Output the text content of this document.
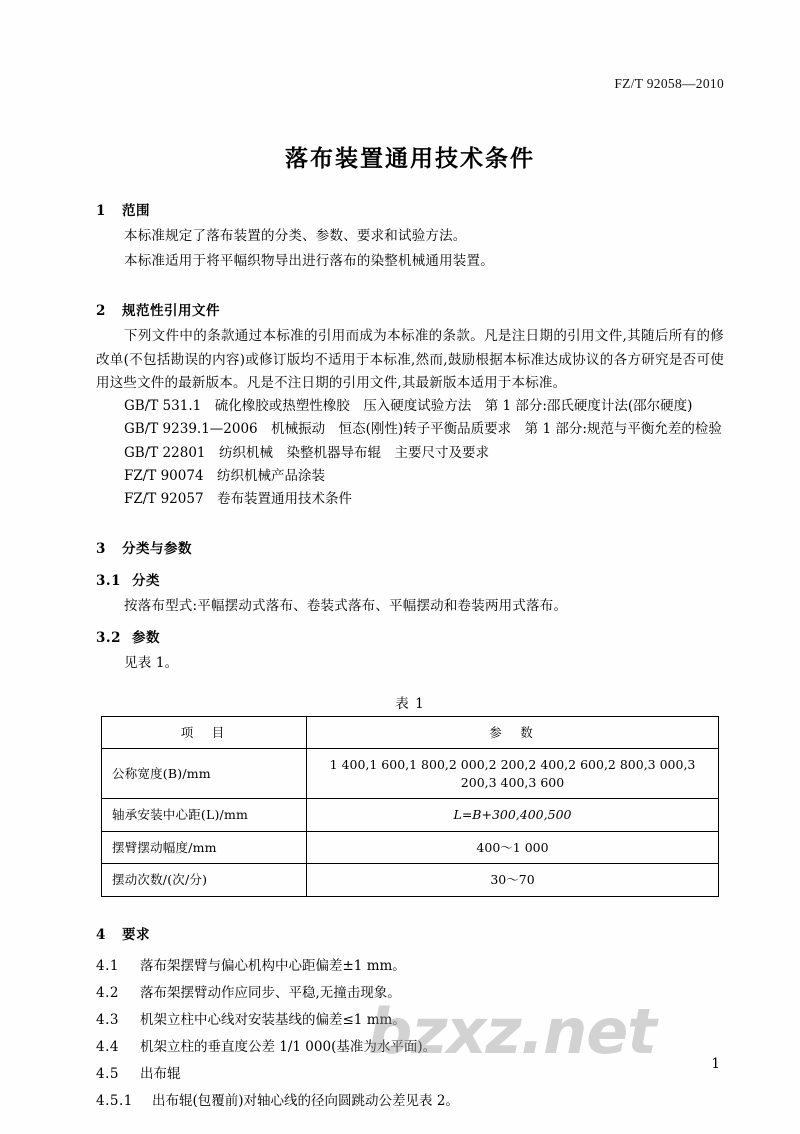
FZ/T 92058—2010
落布装置通用技术条件
1 范围
本标准规定了落布装置的分类、参数、要求和试验方法。
本标准适用于将平幅织物导出进行落布的染整机械通用装置。
2 规范性引用文件
下列文件中的条款通过本标准的引用而成为本标准的条款。凡是注日期的引用文件,其随后所有的修改单(不包括勘误的内容)或修订版均不适用于本标准,然而,鼓励根据本标准达成协议的各方研究是否可使用这些文件的最新版本。凡是不注日期的引用文件,其最新版本适用于本标准。
GB/T 531.1　硫化橡胶或热塑性橡胶　压入硬度试验方法　第 1 部分:邵氏硬度计法(邵尔硬度)
GB/T 9239.1—2006　机械振动　恒态(刚性)转子平衡品质要求　第 1 部分:规范与平衡允差的检验
GB/T 22801　纺织机械　染整机器导布辊　主要尺寸及要求
FZ/T 90074　纺织机械产品涂装
FZ/T 92057　卷布装置通用技术条件
3 分类与参数
3.1 分类
按落布型式:平幅摆动式落布、卷装式落布、平幅摆动和卷装两用式落布。
3.2 参数
见表 1。
表 1
项　目	参　数
公称宽度(B)/mm	1 400,1 600,1 800,2 000,2 200,2 400,2 600,2 800,3 000,3 200,3 400,3 600
轴承安装中心距(L)/mm	L=B+300,400,500
摆臂摆动幅度/mm	400～1 000
摆动次数/(次/分)	30～70
4 要求
4.1	落布架摆臂与偏心机构中心距偏差±1 mm。
4.2	落布架摆臂动作应同步、平稳,无撞击现象。
4.3	机架立柱中心线对安装基线的偏差≤1 mm。
4.4	机架立柱的垂直度公差 1/1 000(基准为水平面)。
4.5	出布辊
4.5.1	出布辊(包覆前)对轴心线的径向圆跳动公差见表 2。
1
bzxz.net
